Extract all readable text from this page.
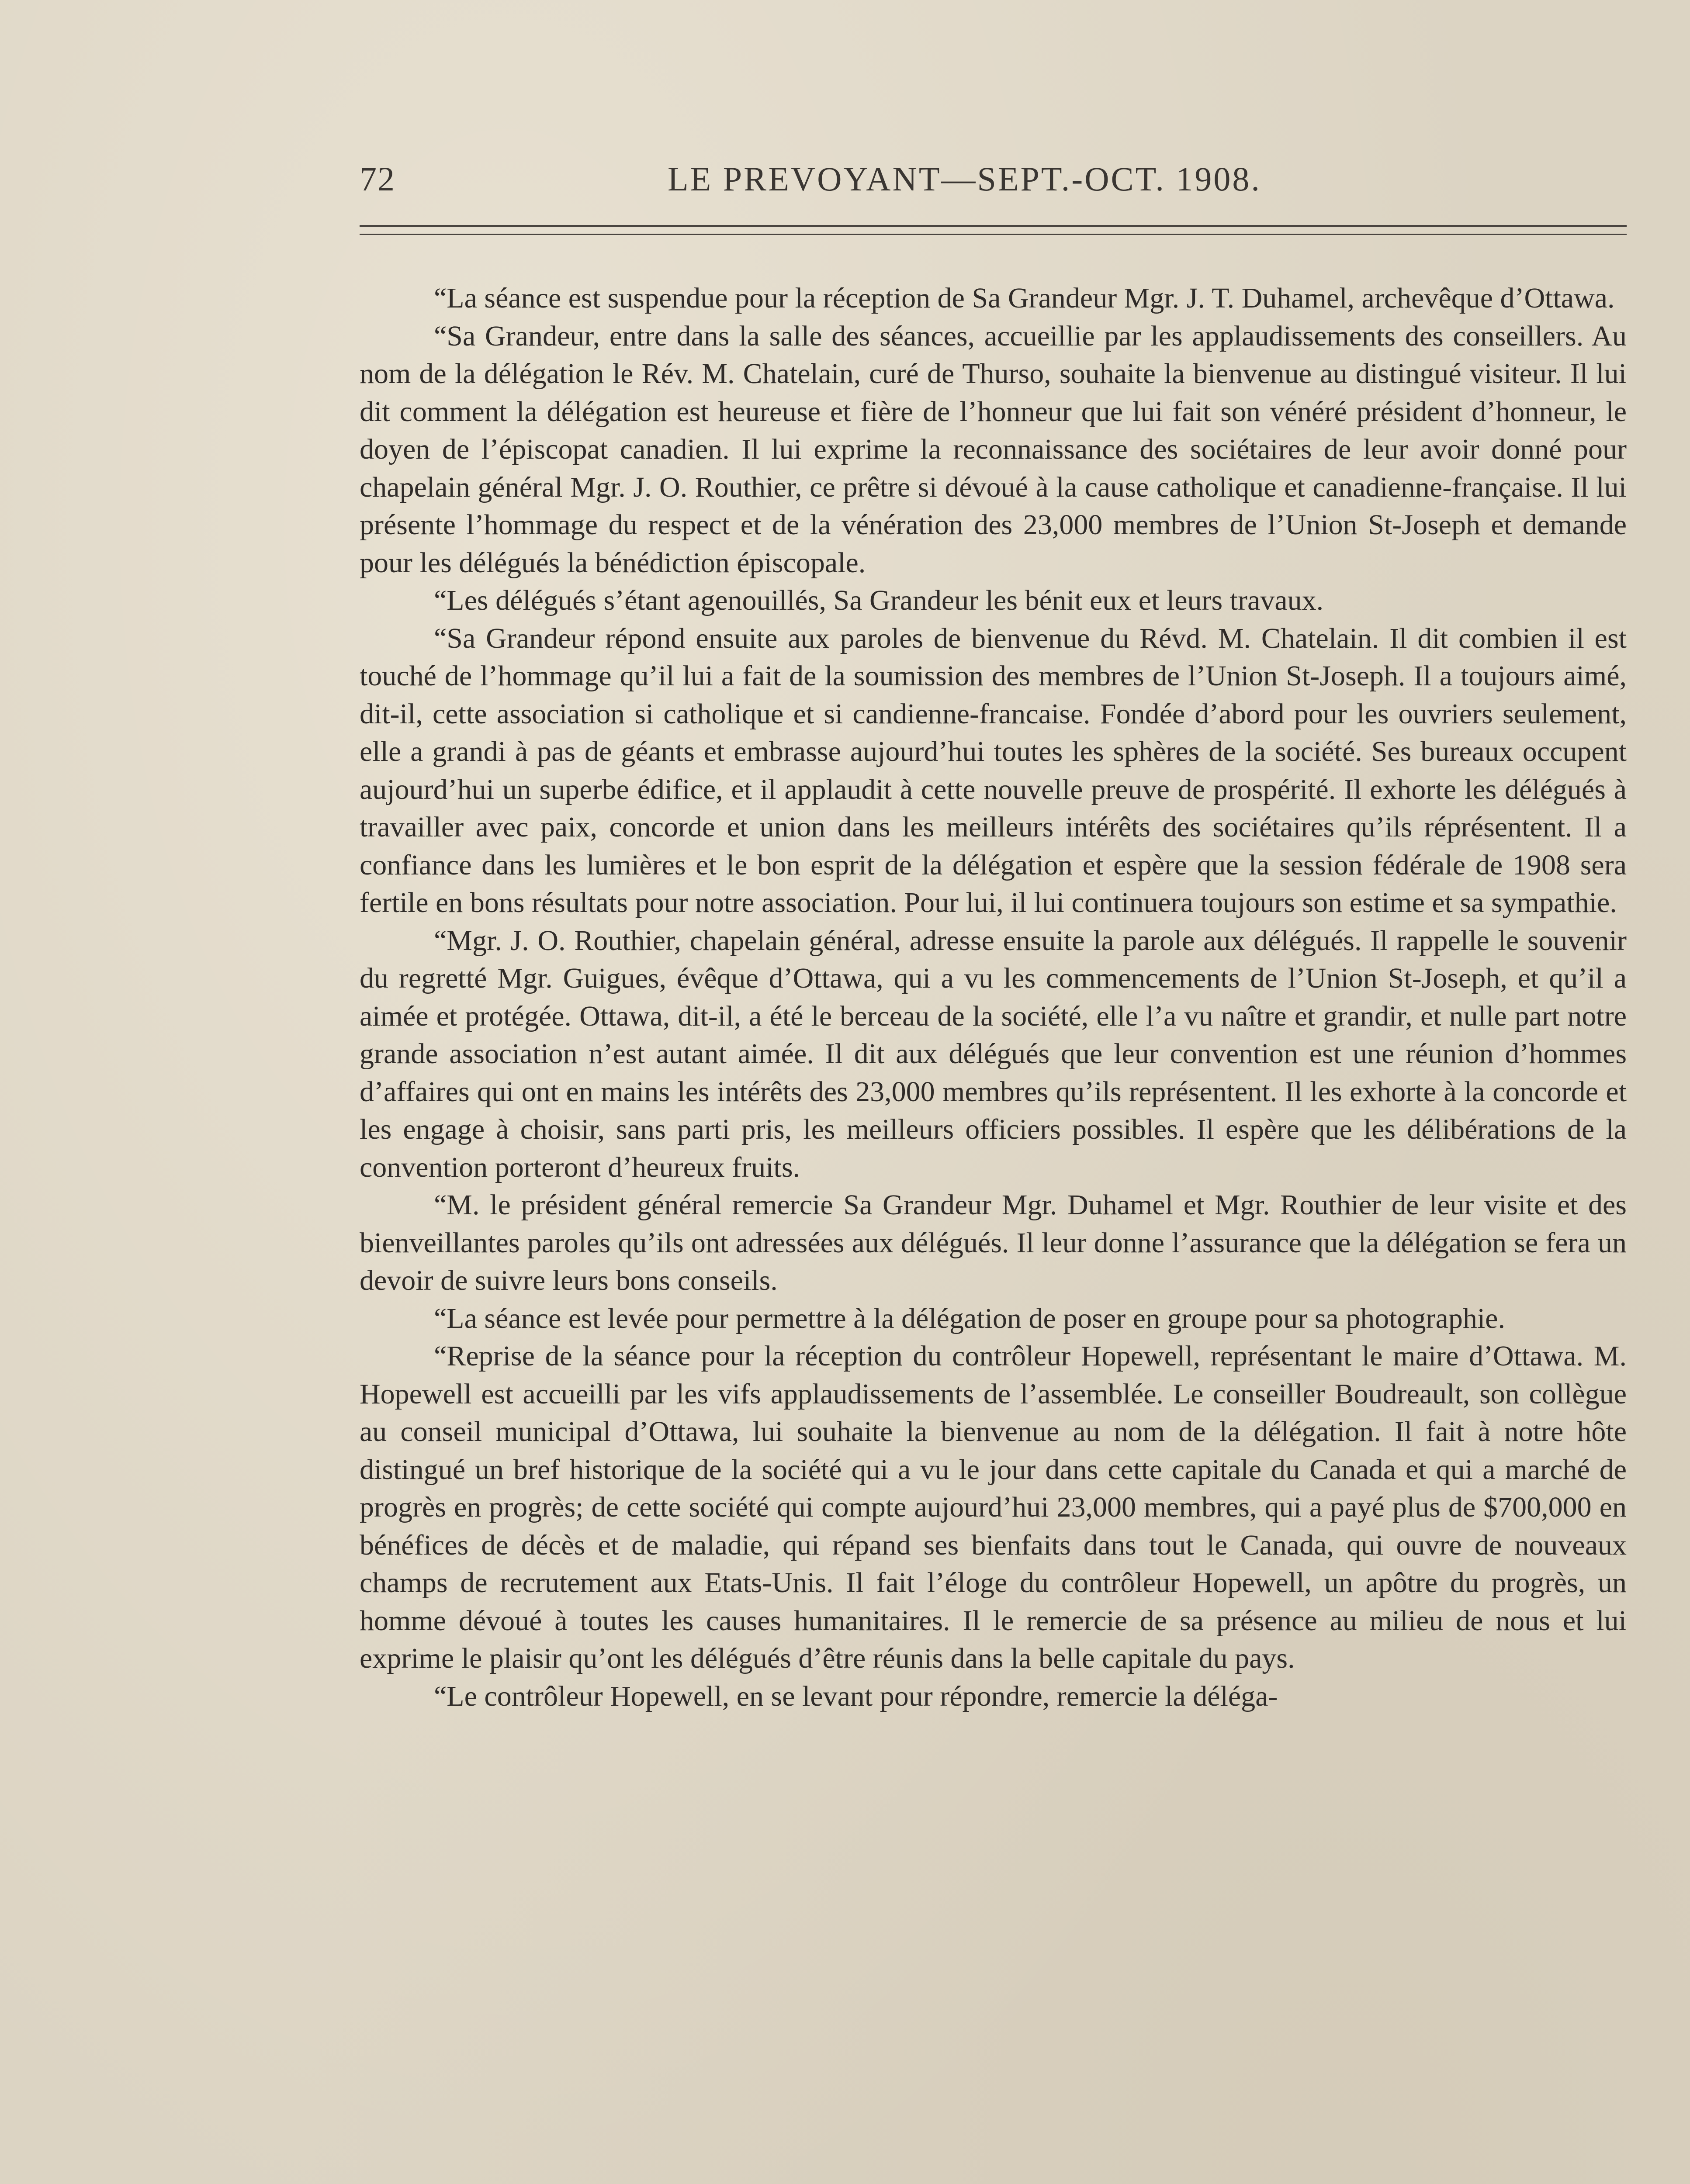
72	LE PREVOYANT—SEPT.-OCT. 1908.

“La séance est suspendue pour la réception de Sa Grandeur Mgr. J. T. Duhamel, archevêque d’Ottawa.

“Sa Grandeur, entre dans la salle des séances, accueillie par les applaudissements des conseillers. Au nom de la délégation le Rév. M. Chatelain, curé de Thurso, souhaite la bienvenue au distingué visiteur. Il lui dit comment la délégation est heureuse et fière de l’honneur que lui fait son vénéré président d’honneur, le doyen de l’épiscopat canadien. Il lui exprime la reconnaissance des sociétaires de leur avoir donné pour chapelain général Mgr. J. O. Routhier, ce prêtre si dévoué à la cause catholique et canadienne-française. Il lui présente l’hommage du respect et de la vénération des 23,000 membres de l’Union St-Joseph et demande pour les délégués la bénédiction épiscopale.

“Les délégués s’étant agenouillés, Sa Grandeur les bénit eux et leurs travaux.

“Sa Grandeur répond ensuite aux paroles de bienvenue du Révd. M. Chatelain. Il dit combien il est touché de l’hommage qu’il lui a fait de la soumission des membres de l’Union St-Joseph. Il a toujours aimé, dit-il, cette association si catholique et si candienne-francaise. Fondée d’abord pour les ouvriers seulement, elle a grandi à pas de géants et embrasse aujourd’hui toutes les sphères de la société. Ses bureaux occupent aujourd’hui un superbe édifice, et il applaudit à cette nouvelle preuve de prospérité. Il exhorte les délégués à travailler avec paix, concorde et union dans les meilleurs intérêts des sociétaires qu’ils réprésentent. Il a confiance dans les lumières et le bon esprit de la délégation et espère que la session fédérale de 1908 sera fertile en bons résultats pour notre association. Pour lui, il lui continuera toujours son estime et sa sympathie.

“Mgr. J. O. Routhier, chapelain général, adresse ensuite la parole aux délégués. Il rappelle le souvenir du regretté Mgr. Guigues, évêque d’Ottawa, qui a vu les commencements de l’Union St-Joseph, et qu’il a aimée et protégée. Ottawa, dit-il, a été le berceau de la société, elle l’a vu naître et grandir, et nulle part notre grande association n’est autant aimée. Il dit aux délégués que leur convention est une réunion d’hommes d’affaires qui ont en mains les intérêts des 23,000 membres qu’ils représentent. Il les exhorte à la concorde et les engage à choisir, sans parti pris, les meilleurs officiers possibles. Il espère que les délibérations de la convention porteront d’heureux fruits.

“M. le président général remercie Sa Grandeur Mgr. Duhamel et Mgr. Routhier de leur visite et des bienveillantes paroles qu’ils ont adressées aux délégués. Il leur donne l’assurance que la délégation se fera un devoir de suivre leurs bons conseils.

“La séance est levée pour permettre à la délégation de poser en groupe pour sa photographie.

“Reprise de la séance pour la réception du contrôleur Hopewell, représentant le maire d’Ottawa. M. Hopewell est accueilli par les vifs applaudissements de l’assemblée. Le conseiller Boudreault, son collègue au conseil municipal d’Ottawa, lui souhaite la bienvenue au nom de la délégation. Il fait à notre hôte distingué un bref historique de la société qui a vu le jour dans cette capitale du Canada et qui a marché de progrès en progrès; de cette société qui compte aujourd’hui 23,000 membres, qui a payé plus de $700,000 en bénéfices de décès et de maladie, qui répand ses bienfaits dans tout le Canada, qui ouvre de nouveaux champs de recrutement aux Etats-Unis. Il fait l’éloge du contrôleur Hopewell, un apôtre du progrès, un homme dévoué à toutes les causes humanitaires. Il le remercie de sa présence au milieu de nous et lui exprime le plaisir qu’ont les délégués d’être réunis dans la belle capitale du pays.

“Le contrôleur Hopewell, en se levant pour répondre, remercie la déléga-
